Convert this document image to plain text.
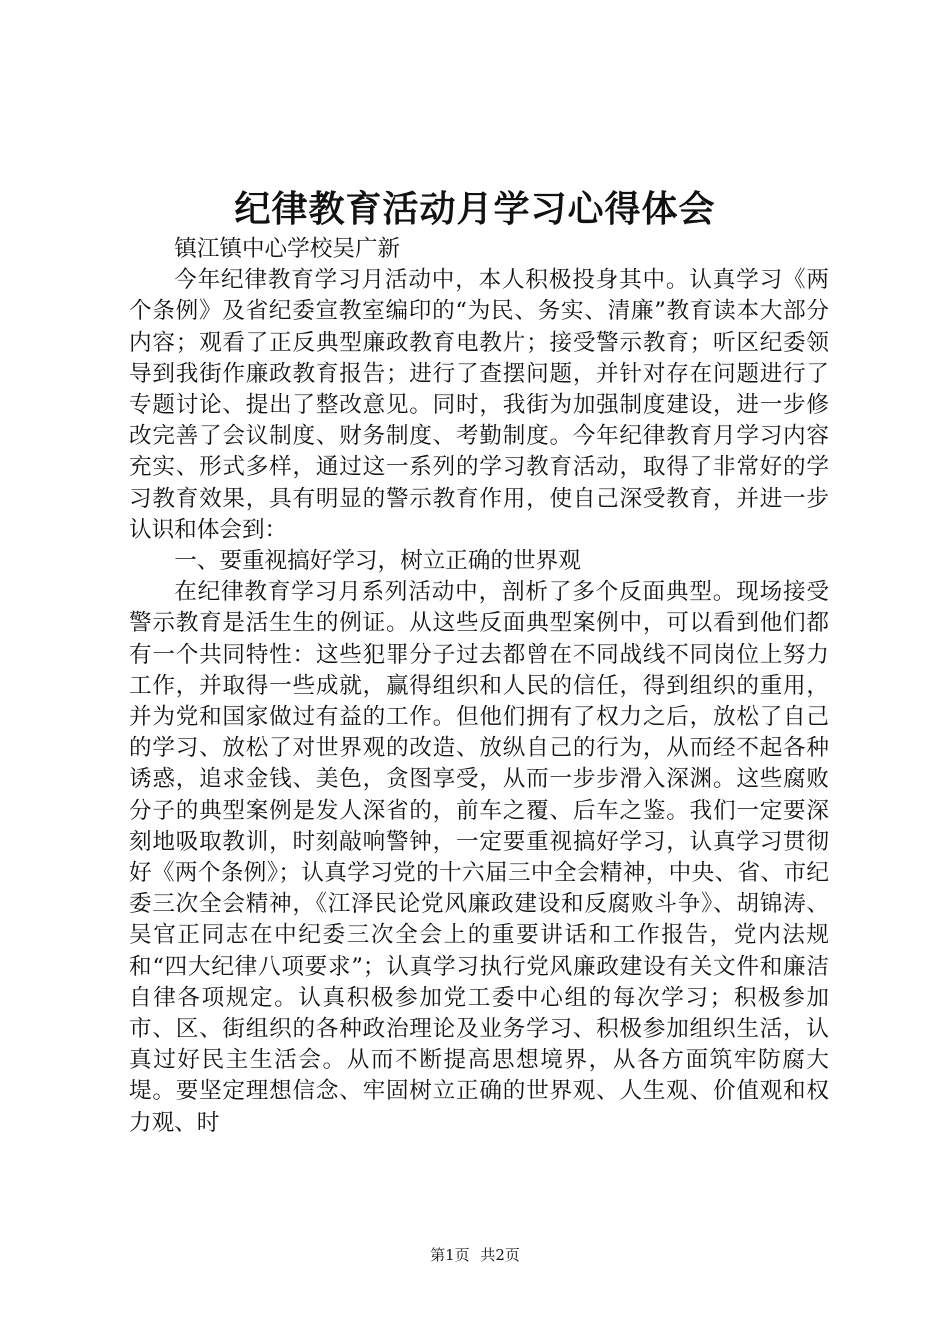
纪律教育活动月学习心得体会

镇江镇中心学校吴广新

今年纪律教育学习月活动中，本人积极投身其中。认真学习《两个条例》及省纪委宣教室编印的“为民、务实、清廉”教育读本大部分内容；观看了正反典型廉政教育电教片；接受警示教育；听区纪委领导到我街作廉政教育报告；进行了查摆问题，并针对存在问题进行了专题讨论、提出了整改意见。同时，我街为加强制度建设，进一步修改完善了会议制度、财务制度、考勤制度。今年纪律教育月学习内容充实、形式多样，通过这一系列的学习教育活动，取得了非常好的学习教育效果，具有明显的警示教育作用，使自己深受教育，并进一步认识和体会到：

一、要重视搞好学习，树立正确的世界观

在纪律教育学习月系列活动中，剖析了多个反面典型。现场接受警示教育是活生生的例证。从这些反面典型案例中，可以看到他们都有一个共同特性：这些犯罪分子过去都曾在不同战线不同岗位上努力工作，并取得一些成就，赢得组织和人民的信任，得到组织的重用，并为党和国家做过有益的工作。但他们拥有了权力之后，放松了自己的学习、放松了对世界观的改造、放纵自己的行为，从而经不起各种诱惑，追求金钱、美色，贪图享受，从而一步步滑入深渊。这些腐败分子的典型案例是发人深省的，前车之覆、后车之鉴。我们一定要深刻地吸取教训，时刻敲响警钟，一定要重视搞好学习，认真学习贯彻好《两个条例》；认真学习党的十六届三中全会精神，中央、省、市纪委三次全会精神，《江泽民论党风廉政建设和反腐败斗争》、胡锦涛、吴官正同志在中纪委三次全会上的重要讲话和工作报告，党内法规和“四大纪律八项要求”；认真学习执行党风廉政建设有关文件和廉洁自律各项规定。认真积极参加党工委中心组的每次学习；积极参加市、区、街组织的各种政治理论及业务学习、积极参加组织生活，认真过好民主生活会。从而不断提高思想境界，从各方面筑牢防腐大堤。要坚定理想信念、牢固树立正确的世界观、人生观、价值观和权力观、时

第1页 共2页
